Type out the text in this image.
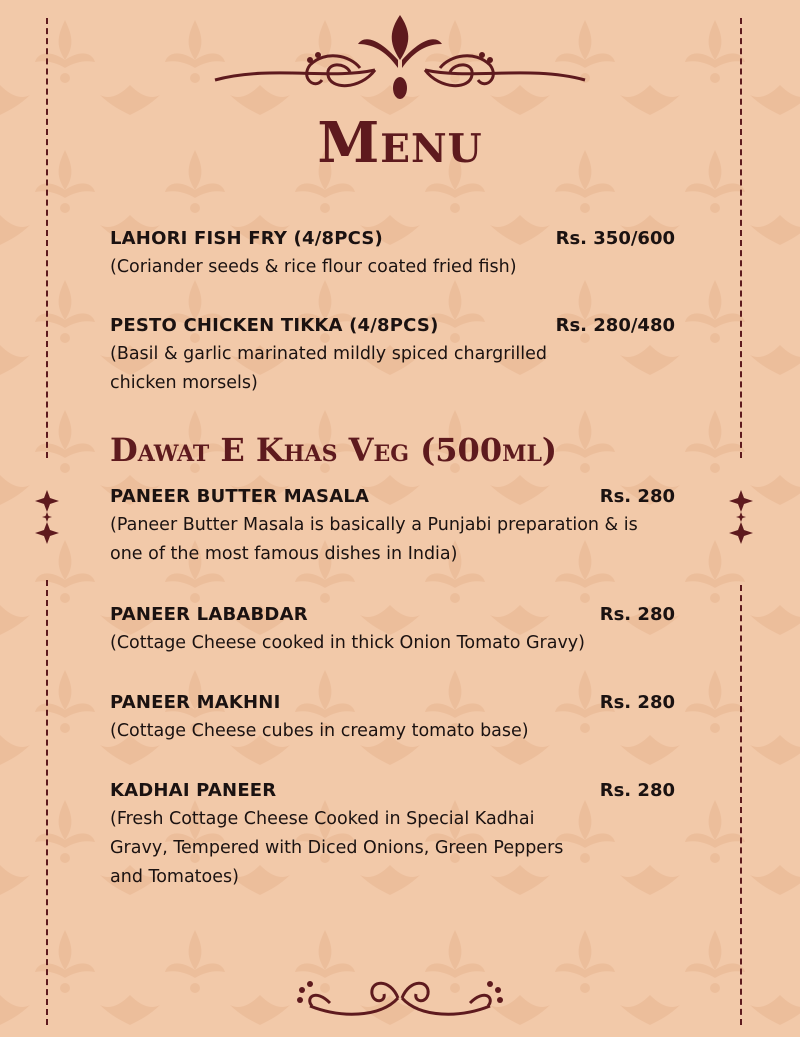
Menu
LAHORI FISH FRY (4/8PCS)	Rs. 350/600
(Coriander seeds & rice flour coated fried fish)
PESTO CHICKEN TIKKA (4/8PCS)	Rs. 280/480
(Basil & garlic marinated mildly spiced chargrilled chicken morsels)
Dawat E Khas Veg (500ml)
PANEER BUTTER MASALA	Rs. 280
(Paneer Butter Masala is basically a Punjabi preparation & is one of the most famous dishes in India)
PANEER LABABDAR	Rs. 280
(Cottage Cheese cooked in thick Onion Tomato Gravy)
PANEER MAKHNI	Rs. 280
(Cottage Cheese cubes in creamy tomato base)
KADHAI PANEER	Rs. 280
(Fresh Cottage Cheese Cooked in Special Kadhai Gravy, Tempered with Diced Onions, Green Peppers and Tomatoes)
